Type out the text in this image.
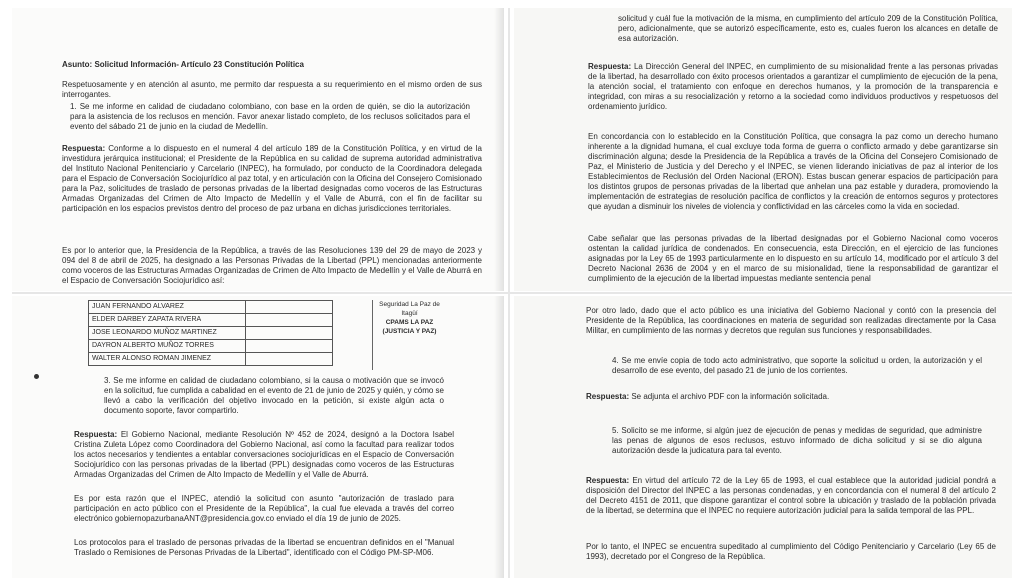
Asunto: Solicitud Información- Artículo 23 Constitución Política

Respetuosamente y en atención al asunto, me permito dar respuesta a su requerimiento en el mismo orden de sus interrogantes.

1. Se me informe en calidad de ciudadano colombiano, con base en la orden de quién, se dio la autorización para la asistencia de los reclusos en mención. Favor anexar listado completo, de los reclusos solicitados para el evento del sábado 21 de junio en la ciudad de Medellín.

Respuesta: Conforme a lo dispuesto en el numeral 4 del artículo 189 de la Constitución Política, y en virtud de la investidura jerárquica institucional; el Presidente de la República en su calidad de suprema autoridad administrativa del Instituto Nacional Penitenciario y Carcelario (INPEC), ha formulado, por conducto de la Coordinadora delegada para el Espacio de Conversación Sociojurídico al paz total, y en articulación con la Oficina del Consejero Comisionado para la Paz, solicitudes de traslado de personas privadas de la libertad designadas como voceros de las Estructuras Armadas Organizadas del Crimen de Alto Impacto de Medellín y el Valle de Aburrá, con el fin de facilitar su participación en los espacios previstos dentro del proceso de paz urbana en dichas jurisdicciones territoriales.

Es por lo anterior que, la Presidencia de la República, a través de las Resoluciones 139 del 29 de mayo de 2023 y 094 del 8 de abril de 2025, ha designado a las Personas Privadas de la Libertad (PPL) mencionadas anteriormente como voceros de las Estructuras Armadas Organizadas de Crimen de Alto Impacto de Medellín y el Valle de Aburrá en el Espacio de Conversación Sociojurídico así:

solicitud y cuál fue la motivación de la misma, en cumplimiento del artículo 209 de la Constitución Política, pero, adicionalmente, que se autorizó específicamente, esto es, cuales fueron los alcances en detalle de esa autorización.

Respuesta: La Dirección General del INPEC, en cumplimiento de su misionalidad frente a las personas privadas de la libertad, ha desarrollado con éxito procesos orientados a garantizar el cumplimiento de ejecución de la pena, la atención social, el tratamiento con enfoque en derechos humanos, y la promoción de la transparencia e integridad, con miras a su resocialización y retorno a la sociedad como individuos productivos y respetuosos del ordenamiento jurídico.

En concordancia con lo establecido en la Constitución Política, que consagra la paz como un derecho humano inherente a la dignidad humana, el cual excluye toda forma de guerra o conflicto armado y debe garantizarse sin discriminación alguna; desde la Presidencia de la República a través de la Oficina del Consejero Comisionado de Paz, el Ministerio de Justicia y del Derecho y el INPEC, se vienen liderando iniciativas de paz al interior de los Establecimientos de Reclusión del Orden Nacional (ERON). Estas buscan generar espacios de participación para los distintos grupos de personas privadas de la libertad que anhelan una paz estable y duradera, promoviendo la implementación de estrategias de resolución pacífica de conflictos y la creación de entornos seguros y protectores que ayudan a disminuir los niveles de violencia y conflictividad en las cárceles como la vida en sociedad.

Cabe señalar que las personas privadas de la libertad designadas por el Gobierno Nacional como voceros ostentan la calidad jurídica de condenados. En consecuencia, esta Dirección, en el ejercicio de las funciones asignadas por la Ley 65 de 1993 particularmente en lo dispuesto en su artículo 14, modificado por el artículo 3 del Decreto Nacional 2636 de 2004 y en el marco de su misionalidad, tiene la responsabilidad de garantizar el cumplimiento de la ejecución de la libertad impuestas mediante sentencia penal

JUAN FERNANDO ALVAREZ	
ELDER DARBEY ZAPATA RIVERA	
JOSE LEONARDO MUÑOZ MARTINEZ	
DAYRON ALBERTO MUÑOZ TORRES	
WALTER ALONSO ROMAN JIMENEZ	
Seguridad La Paz de
Itagüí
CPAMS LA PAZ
(JUSTICIA Y PAZ)

3. Se me informe en calidad de ciudadano colombiano, si la causa o motivación que se invocó en la solicitud, fue cumplida a cabalidad en el evento de 21 de junio de 2025 y quién, y cómo se llevó a cabo la verificación del objetivo invocado en la petición, si existe algún acta o documento soporte, favor compartirlo.

Respuesta: El Gobierno Nacional, mediante Resolución Nº 452 de 2024, designó a la Doctora Isabel Cristina Zuleta López como Coordinadora del Gobierno Nacional, así como la facultad para realizar todos los actos necesarios y tendientes a entablar conversaciones sociojurídicas en el Espacio de Conversación Sociojurídico con las personas privadas de la libertad (PPL) designadas como voceros de las Estructuras Armadas Organizadas del Crimen de Alto Impacto de Medellín y el Valle de Aburrá.

Es por esta razón que el INPEC, atendió la solicitud con asunto "autorización de traslado para participación en acto público con el Presidente de la República", la cual fue elevada a través del correo electrónico gobiernopazurbanaANT@presidencia.gov.co enviado el día 19 de junio de 2025.

Los protocolos para el traslado de personas privadas de la libertad se encuentran definidos en el "Manual Traslado o Remisiones de Personas Privadas de la Libertad", identificado con el Código PM-SP-M06.

Por otro lado, dado que el acto público es una iniciativa del Gobierno Nacional y contó con la presencia del Presidente de la República, las coordinaciones en materia de seguridad son realizadas directamente por la Casa Militar, en cumplimiento de las normas y decretos que regulan sus funciones y responsabilidades.

4. Se me envíe copia de todo acto administrativo, que soporte la solicitud u orden, la autorización y el desarrollo de ese evento, del pasado 21 de junio de los corrientes.

Respuesta: Se adjunta el archivo PDF con la información solicitada.

5. Solicito se me informe, si algún juez de ejecución de penas y medidas de seguridad, que administre las penas de algunos de esos reclusos, estuvo informado de dicha solicitud y si se dio alguna autorización desde la judicatura para tal evento.

Respuesta: En virtud del artículo 72 de la Ley 65 de 1993, el cual establece que la autoridad judicial pondrá a disposición del Director del INPEC a las personas condenadas, y en concordancia con el numeral 8 del artículo 2 del Decreto 4151 de 2011, que dispone garantizar el control sobre la ubicación y traslado de la población privada de la libertad, se determina que el INPEC no requiere autorización judicial para la salida temporal de las PPL.

Por lo tanto, el INPEC se encuentra supeditado al cumplimiento del Código Penitenciario y Carcelario (Ley 65 de 1993), decretado por el Congreso de la República.
